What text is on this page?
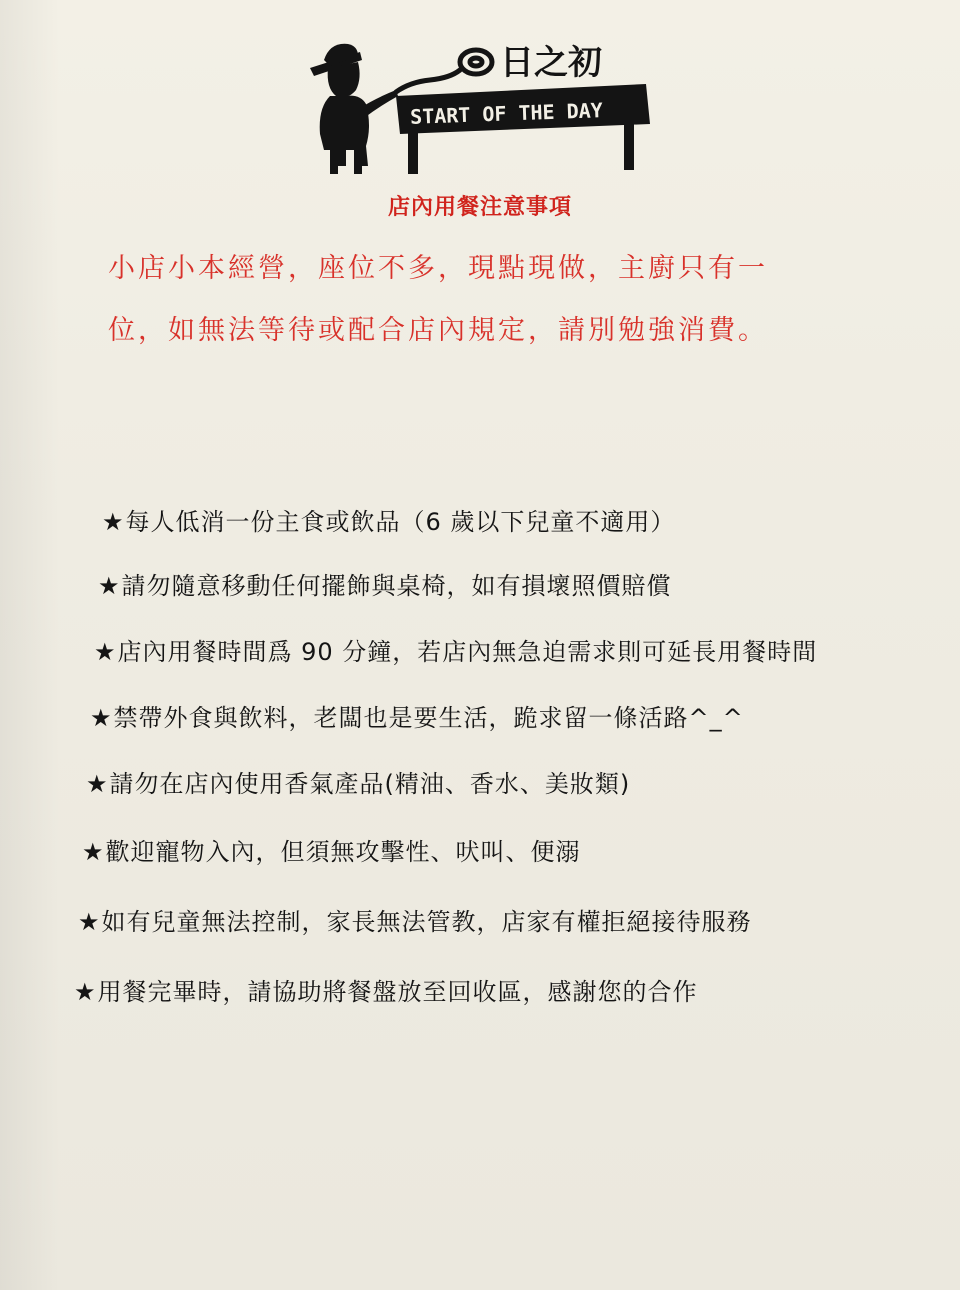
日之初
START OF THE DAY
店內用餐注意事項
小店小本經營，座位不多，現點現做，主廚只有一
位，如無法等待或配合店內規定，請別勉強消費。
★每人低消一份主食或飲品（6 歲以下兒童不適用）
★請勿隨意移動任何擺飾與桌椅，如有損壞照價賠償
★店內用餐時間爲 90 分鐘，若店內無急迫需求則可延長用餐時間
★禁帶外食與飲料，老闆也是要生活，跪求留一條活路^_^
★請勿在店內使用香氣產品(精油、香水、美妝類)
★歡迎寵物入內，但須無攻擊性、吠叫、便溺
★如有兒童無法控制，家長無法管教，店家有權拒絕接待服務
★用餐完畢時，請協助將餐盤放至回收區，感謝您的合作
